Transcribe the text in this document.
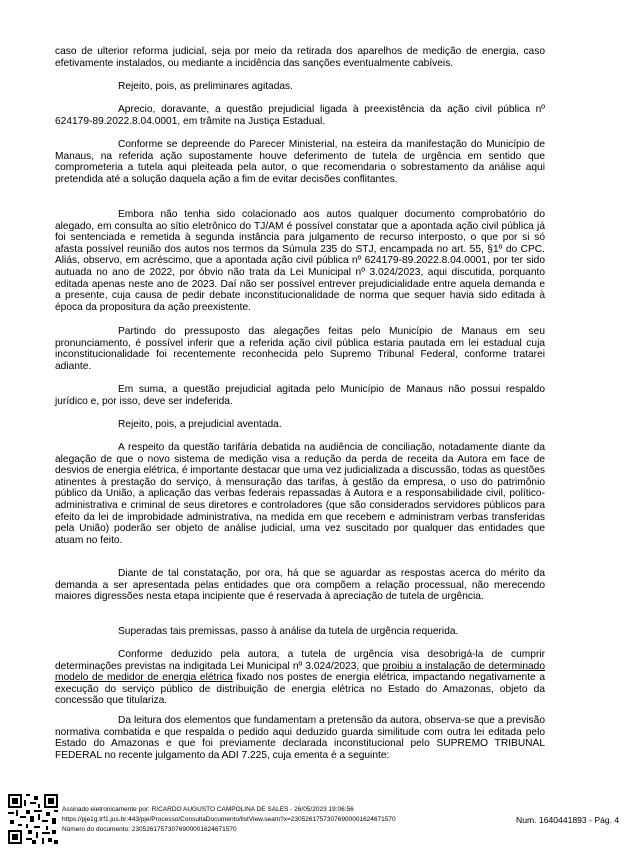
caso de ulterior reforma judicial, seja por meio da retirada dos aparelhos de medição de energia, caso efetivamente instalados, ou mediante a incidência das sanções eventualmente cabíveis.
Rejeito, pois, as preliminares agitadas.
Aprecio, doravante, a questão prejudicial ligada à preexistência da ação civil pública nº 624179-89.2022.8.04.0001, em trâmite na Justiça Estadual.
Conforme se depreende do Parecer Ministerial, na esteira da manifestação do Município de Manaus, na referida ação supostamente houve deferimento de tutela de urgência em sentido que comprometeria a tutela aqui pleiteada pela autor, o que recomendaria o sobrestamento da análise aqui pretendida até a solução daquela ação a fim de evitar decisões conflitantes.
Embora não tenha sido colacionado aos autos qualquer documento comprobatório do alegado, em consulta ao sítio eletrônico do TJ/AM é possível constatar que a apontada ação civil pública já foi sentenciada e remetida à segunda instância para julgamento de recurso interposto, o que por si só afasta possível reunião dos autos nos termos da Súmula 235 do STJ, encampada no art. 55, §1º do CPC. Aliás, observo, em acréscimo, que a apontada ação civil pública nº 624179-89.2022.8.04.0001, por ter sido autuada no ano de 2022, por óbvio não trata da Lei Municipal nº 3.024/2023, aqui discutida, porquanto editada apenas neste ano de 2023. Daí não ser possível entrever prejudicialidade entre aquela demanda e a presente, cuja causa de pedir debate inconstitucionalidade de norma que sequer havia sido editada à época da propositura da ação preexistente.
Partindo do pressuposto das alegações feitas pelo Município de Manaus em seu pronunciamento, é possível inferir que a referida ação civil pública estaria pautada em lei estadual cuja inconstitucionalidade foi recentemente reconhecida pelo Supremo Tribunal Federal, conforme tratarei adiante.
Em suma, a questão prejudicial agitada pelo Município de Manaus não possui respaldo jurídico e, por isso, deve ser indeferida.
Rejeito, pois, a prejudicial aventada.
A respeito da questão tarifária debatida na audiência de conciliação, notadamente diante da alegação de que o novo sistema de medição visa a redução da perda de receita da Autora em face de desvios de energia elétrica, é importante destacar que uma vez judicializada a discussão, todas as questões atinentes à prestação do serviço, à mensuração das tarifas, à gestão da empresa, o uso do patrimônio público da União, a aplicação das verbas federais repassadas à Autora e a responsabilidade civil, político-administrativa e criminal de seus diretores e controladores (que são considerados servidores públicos para efeito da lei de improbidade administrativa, na medida em que recebem e administram verbas transferidas pela União) poderão ser objeto de análise judicial, uma vez suscitado por qualquer das entidades que atuam no feito.
Diante de tal constatação, por ora, há que se aguardar as respostas acerca do mérito da demanda a ser apresentada pelas entidades que ora compõem a relação processual, não merecendo maiores digressões nesta etapa incipiente que é reservada à apreciação de tutela de urgência.
Superadas tais premissas, passo à análise da tutela de urgência requerida.
Conforme deduzido pela autora, a tutela de urgência visa desobrigá-la de cumprir determinações previstas na indigitada Lei Municipal nº 3.024/2023, que proibiu a instalação de determinado modelo de medidor de energia elétrica fixado nos postes de energia elétrica, impactando negativamente a execução do serviço público de distribuição de energia elétrica no Estado do Amazonas, objeto da concessão que titulariza.
Da leitura dos elementos que fundamentam a pretensão da autora, observa-se que a previsão normativa combatida e que respalda o pedido aqui deduzido guarda similitude com outra lei editada pelo Estado do Amazonas e que foi previamente declarada inconstitucional pelo SUPREMO TRIBUNAL FEDERAL no recente julgamento da ADI 7.225, cuja ementa é a seguinte:
Assinado eletronicamente por: RICARDO AUGUSTO CAMPOLINA DE SALES - 26/05/2023 19:06:56
https://pje1g.trf1.jus.br:443/pje/Processo/ConsultaDocumento/listView.seam?x=23052617573076900001624671570
Número do documento: 23052617573076900001624671570
Num. 1640441893 - Pág. 4
